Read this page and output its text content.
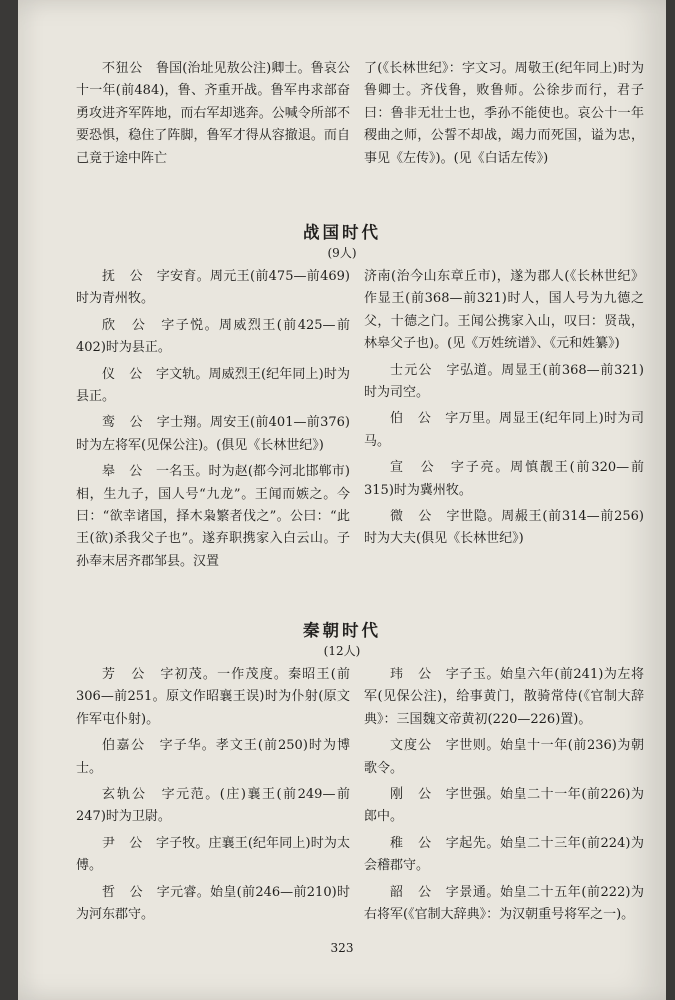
不狃公　 鲁国(治址见敖公注)卿士。鲁哀公十一年(前484)，鲁、齐重开战。鲁军冉求部奋勇攻进齐军阵地，而右军却逃奔。公喊令所部不要恐惧，稳住了阵脚，鲁军才得从容撤退。而自己竟于途中阵亡

了(《长林世纪》：字文习。周敬王(纪年同上)时为鲁卿士。齐伐鲁，败鲁师。公徐步而行，君子曰：鲁非无壮士也，季孙不能使也。哀公十一年稷曲之师，公誓不却战，竭力而死国，谥为忠，事见《左传》)。(见《白话左传》)

战国时代
(9人)

抚　公　 字安育。周元王(前475—前469)时为青州牧。

欣　公　 字子悦。周威烈王(前425—前402)时为县正。

仪　公　 字文轨。周威烈王(纪年同上)时为县正。

鸾　公　 字士翔。周安王(前401—前376)时为左将军(见保公注)。(俱见《长林世纪》)

皋　公　 一名玉。时为赵(都今河北邯郸市)相，生九子，国人号“九龙”。王闻而嫉之。今曰：“欲幸诸国，择木枭繁者伐之”。公曰：“此王(欲)杀我父子也”。遂弃职携家入白云山。子孙奉末居齐郡邹县。汉置

济南(治今山东章丘市)，遂为郡人(《长林世纪》作显王(前368—前321)时人，国人号为九德之父，十德之门。王闻公携家入山，叹曰：贤哉，林皋父子也)。(见《万姓统谱》、《元和姓纂》)

士元公　 字弘道。周显王(前368—前321)时为司空。

伯　公　 字万里。周显王(纪年同上)时为司马。

宣　公　 字子亮。周慎靓王(前320—前315)时为冀州牧。

微　公　 字世隐。周赧王(前314—前256)时为大夫(俱见《长林世纪》)

秦朝时代
(12人)

芳　公　 字初茂。一作茂度。秦昭王(前306—前251。原文作昭襄王误)时为仆射(原文作军屯仆射)。

伯嘉公　 字子华。孝文王(前250)时为博士。

玄轨公　 字元范。(庄)襄王(前249—前247)时为卫尉。

尹　公　 字子牧。庄襄王(纪年同上)时为太傅。

哲　公　 字元睿。始皇(前246—前210)时为河东郡守。

玮　公　 字子玉。始皇六年(前241)为左将军(见保公注)，给事黄门，散骑常侍(《官制大辞典》：三国魏文帝黄初(220—226)置)。

文度公　 字世则。始皇十一年(前236)为朝歌令。

刚　公　 字世强。始皇二十一年(前226)为郎中。

稚　公　 字起先。始皇二十三年(前224)为会稽郡守。

韶　公　 字景通。始皇二十五年(前222)为右将军(《官制大辞典》：为汉朝重号将军之一)。

323
